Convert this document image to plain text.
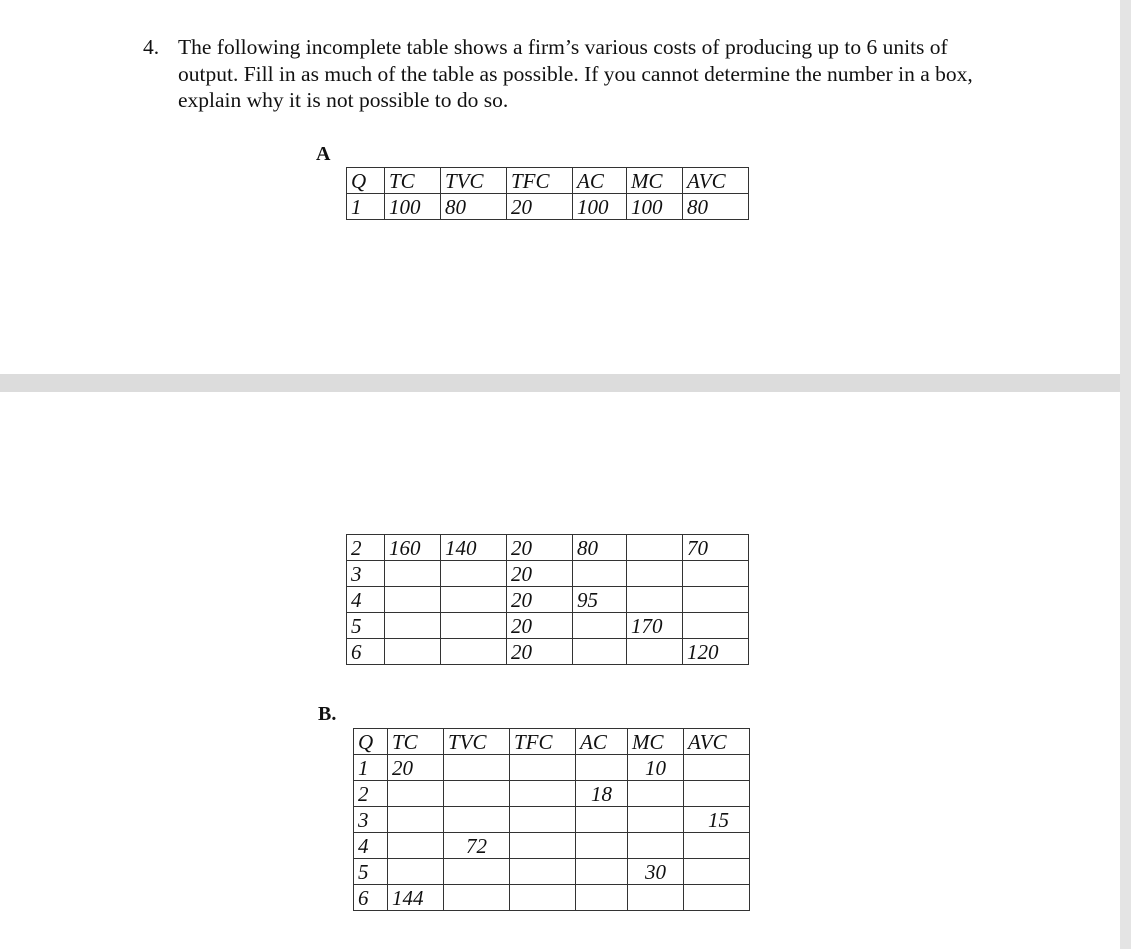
4. The following incomplete table shows a firm’s various costs of producing up to 6 units of output. Fill in as much of the table as possible. If you cannot determine the number in a box, explain why it is not possible to do so.
A
Q	TC	TVC	TFC	AC	MC	AVC
1	100	80	20	100	100	80
2	160	140	20	80		70
3			20			
4			20	95		
5			20		170	
6			20			120
B.
Q	TC	TVC	TFC	AC	MC	AVC
1	20				10	
2				18		
3						15
4		72				
5					30	
6	144					
